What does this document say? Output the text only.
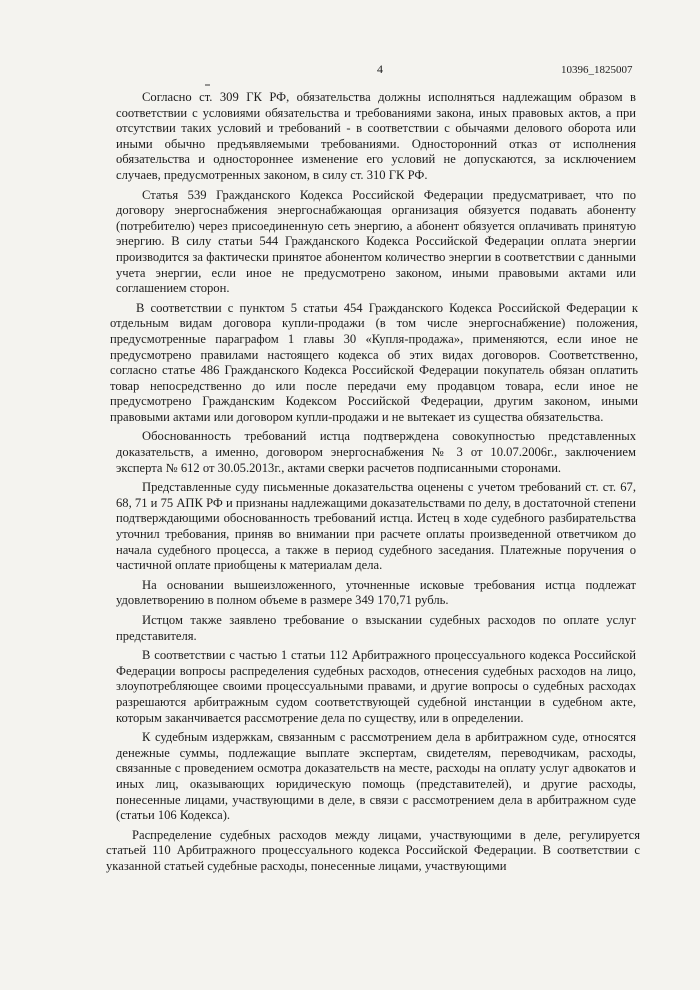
4	10396_1825007

Согласно ст. 309 ГК РФ, обязательства должны исполняться надлежащим образом в соответствии с условиями обязательства и требованиями закона, иных правовых актов, а при отсутствии таких условий и требований - в соответствии с обычаями делового оборота или иными обычно предъявляемыми требованиями. Односторонний отказ от исполнения обязательства и одностороннее изменение его условий не допускаются, за исключением случаев, предусмотренных законом, в силу ст. 310 ГК РФ.

Статья 539 Гражданского Кодекса Российской Федерации предусматривает, что по договору энергоснабжения энергоснабжающая организация обязуется подавать абоненту (потребителю) через присоединенную сеть энергию, а абонент обязуется оплачивать принятую энергию. В силу статьи 544 Гражданского Кодекса Российской Федерации оплата энергии производится за фактически принятое абонентом количество энергии в соответствии с данными учета энергии, если иное не предусмотрено законом, иными правовыми актами или соглашением сторон.

В соответствии с пунктом 5 статьи 454 Гражданского Кодекса Российской Федерации к отдельным видам договора купли-продажи (в том числе энергоснабжение) положения, предусмотренные параграфом 1 главы 30 «Купля-продажа», применяются, если иное не предусмотрено правилами настоящего кодекса об этих видах договоров. Соответственно, согласно статье 486 Гражданского Кодекса Российской Федерации покупатель обязан оплатить товар непосредственно до или после передачи ему продавцом товара, если иное не предусмотрено Гражданским Кодексом Российской Федерации, другим законом, иными правовыми актами или договором купли-продажи и не вытекает из существа обязательства.

Обоснованность требований истца подтверждена совокупностью представленных доказательств, а именно, договором энергоснабжения № 3 от 10.07.2006г., заключением эксперта № 612 от 30.05.2013г., актами сверки расчетов подписанными сторонами.

Представленные суду письменные доказательства оценены с учетом требований ст. ст. 67, 68, 71 и 75 АПК РФ и признаны надлежащими доказательствами по делу, в достаточной степени подтверждающими обоснованность требований истца. Истец в ходе судебного разбирательства уточнил требования, приняв во внимании при расчете оплаты произведенной ответчиком до начала судебного процесса, а также в период судебного заседания. Платежные поручения о частичной оплате приобщены к материалам дела.

На основании вышеизложенного, уточненные исковые требования истца подлежат удовлетворению в полном объеме в размере 349 170,71 рубль.

Истцом также заявлено требование о взыскании судебных расходов по оплате услуг представителя.

В соответствии с частью 1 статьи 112 Арбитражного процессуального кодекса Российской Федерации вопросы распределения судебных расходов, отнесения судебных расходов на лицо, злоупотребляющее своими процессуальными правами, и другие вопросы о судебных расходах разрешаются арбитражным судом соответствующей судебной инстанции в судебном акте, которым заканчивается рассмотрение дела по существу, или в определении.

К судебным издержкам, связанным с рассмотрением дела в арбитражном суде, относятся денежные суммы, подлежащие выплате экспертам, свидетелям, переводчикам, расходы, связанные с проведением осмотра доказательств на месте, расходы на оплату услуг адвокатов и иных лиц, оказывающих юридическую помощь (представителей), и другие расходы, понесенные лицами, участвующими в деле, в связи с рассмотрением дела в арбитражном суде (статьи 106 Кодекса).

Распределение судебных расходов между лицами, участвующими в деле, регулируется статьей 110 Арбитражного процессуального кодекса Российской Федерации. В соответствии с указанной статьей судебные расходы, понесенные лицами, участвующими
